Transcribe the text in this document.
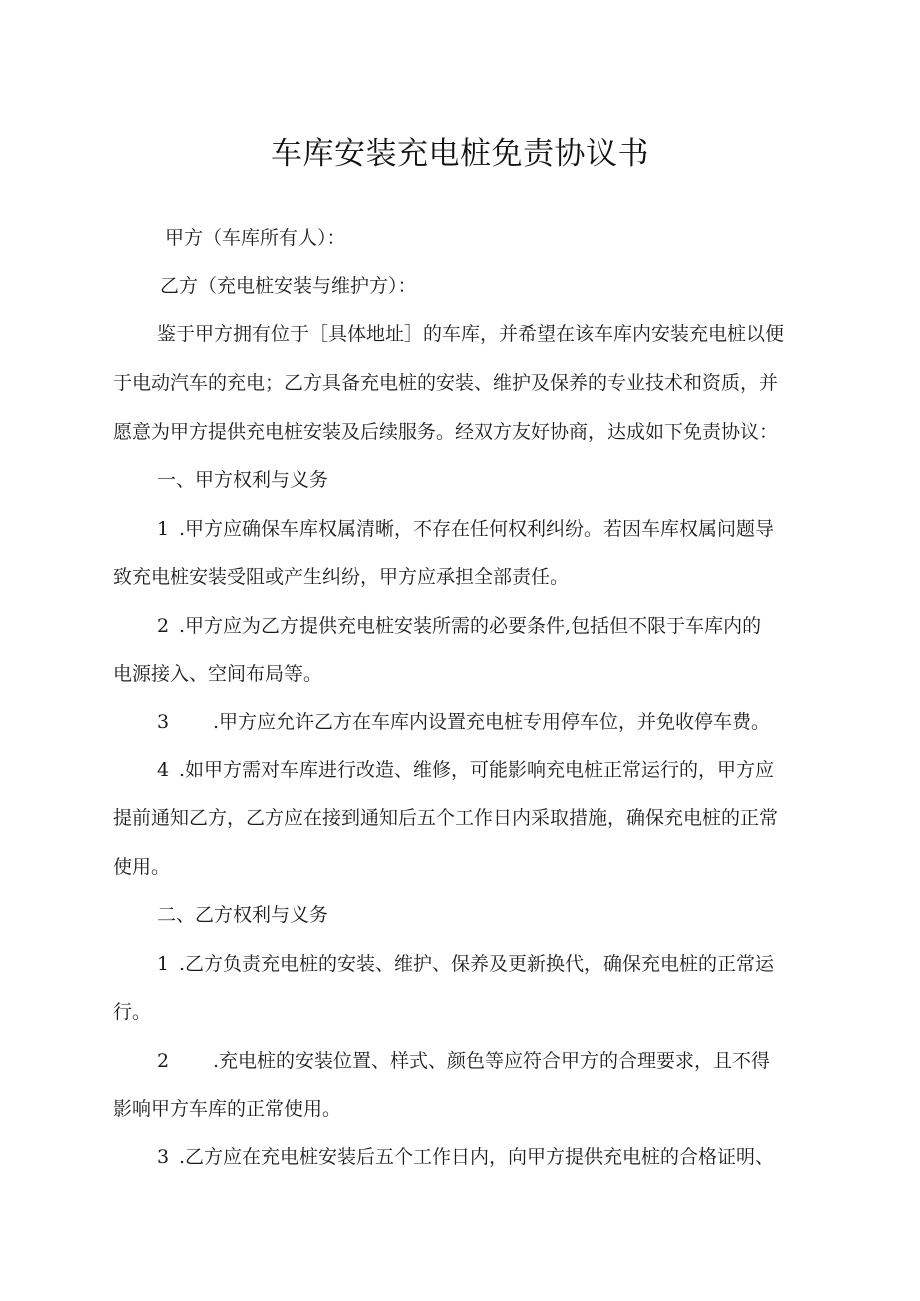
车库安装充电桩免责协议书
甲方（车库所有人）：
乙方（充电桩安装与维护方）：
鉴于甲方拥有位于［具体地址］的车库，并希望在该车库内安装充电桩以便
于电动汽车的充电；乙方具备充电桩的安装、维护及保养的专业技术和资质，并
愿意为甲方提供充电桩安装及后续服务。经双方友好协商，达成如下免责协议：
一、甲方权利与义务
1 .甲方应确保车库权属清晰，不存在任何权利纠纷。若因车库权属问题导
致充电桩安装受阻或产生纠纷，甲方应承担全部责任。
2 .甲方应为乙方提供充电桩安装所需的必要条件,包括但不限于车库内的
电源接入、空间布局等。
3 .甲方应允许乙方在车库内设置充电桩专用停车位，并免收停车费。
4 .如甲方需对车库进行改造、维修，可能影响充电桩正常运行的，甲方应
提前通知乙方，乙方应在接到通知后五个工作日内采取措施，确保充电桩的正常
使用。
二、乙方权利与义务
1 .乙方负责充电桩的安装、维护、保养及更新换代，确保充电桩的正常运
行。
2 .充电桩的安装位置、样式、颜色等应符合甲方的合理要求，且不得
影响甲方车库的正常使用。
3 .乙方应在充电桩安装后五个工作日内，向甲方提供充电桩的合格证明、
